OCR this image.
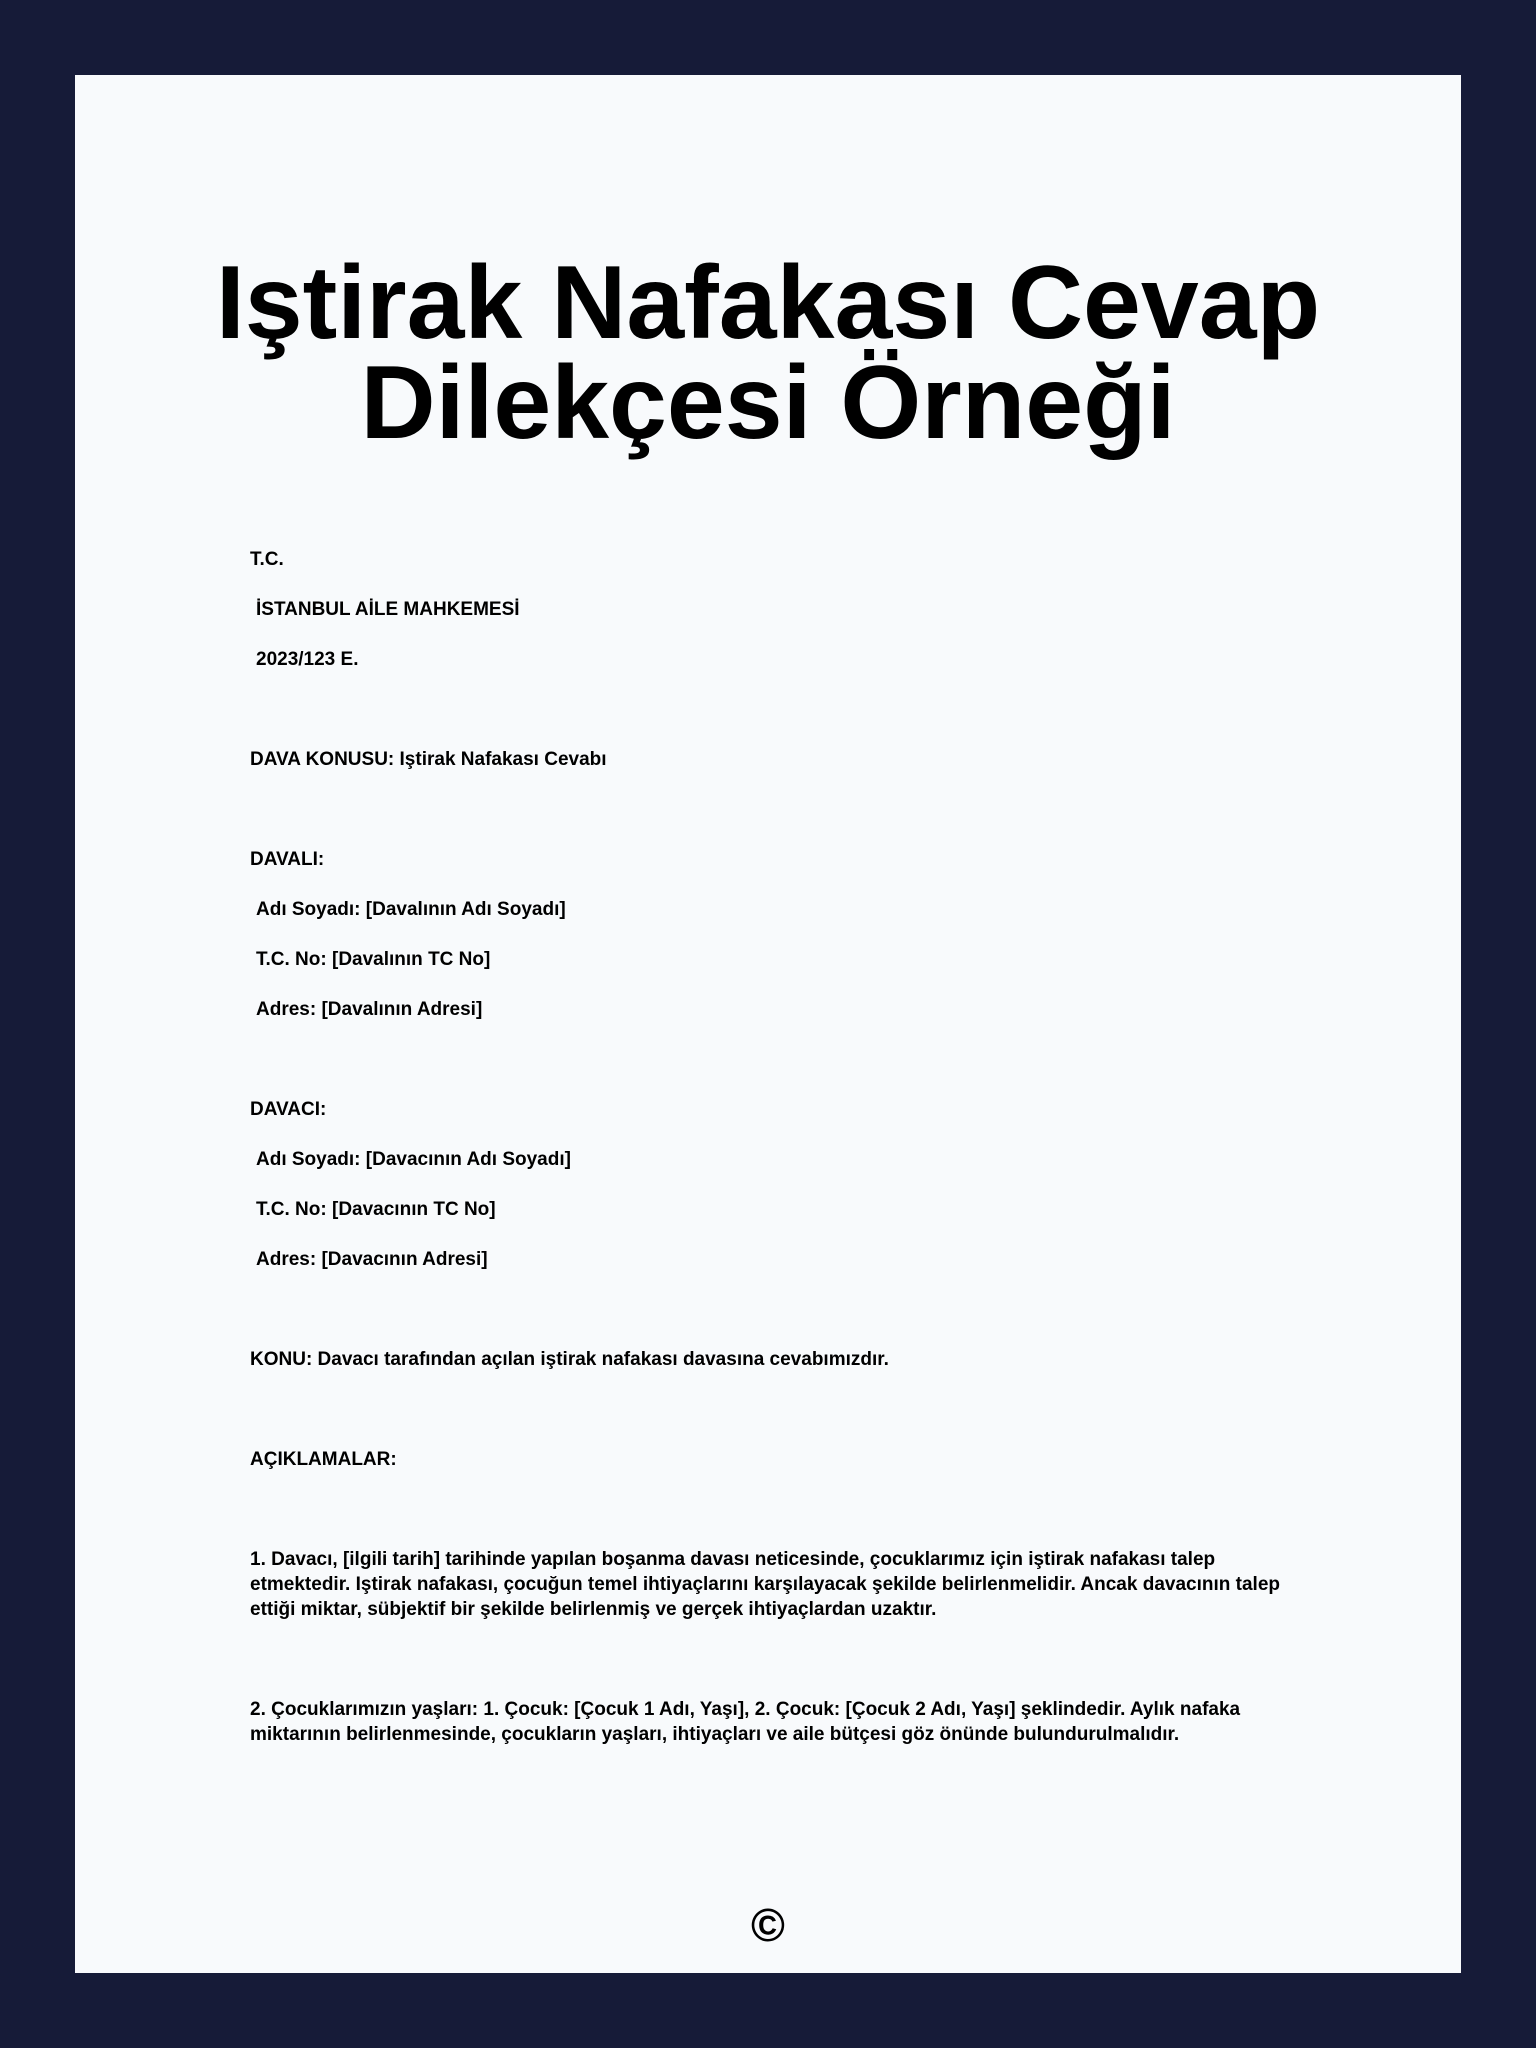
Iştirak Nafakası Cevap Dilekçesi Örneği
T.C.
İSTANBUL AİLE MAHKEMESİ
2023/123 E.
DAVA KONUSU: Iştirak Nafakası Cevabı
DAVALI:
Adı Soyadı: [Davalının Adı Soyadı]
T.C. No: [Davalının TC No]
Adres: [Davalının Adresi]
DAVACI:
Adı Soyadı: [Davacının Adı Soyadı]
T.C. No: [Davacının TC No]
Adres: [Davacının Adresi]
KONU: Davacı tarafından açılan iştirak nafakası davasına cevabımızdır.
AÇIKLAMALAR:
1. Davacı, [ilgili tarih] tarihinde yapılan boşanma davası neticesinde, çocuklarımız için iştirak nafakası talep etmektedir. Iştirak nafakası, çocuğun temel ihtiyaçlarını karşılayacak şekilde belirlenmelidir. Ancak davacının talep ettiği miktar, sübjektif bir şekilde belirlenmiş ve gerçek ihtiyaçlardan uzaktır.
2. Çocuklarımızın yaşları: 1. Çocuk: [Çocuk 1 Adı, Yaşı], 2. Çocuk: [Çocuk 2 Adı, Yaşı] şeklindedir. Aylık nafaka miktarının belirlenmesinde, çocukların yaşları, ihtiyaçları ve aile bütçesi göz önünde bulundurulmalıdır.
©
